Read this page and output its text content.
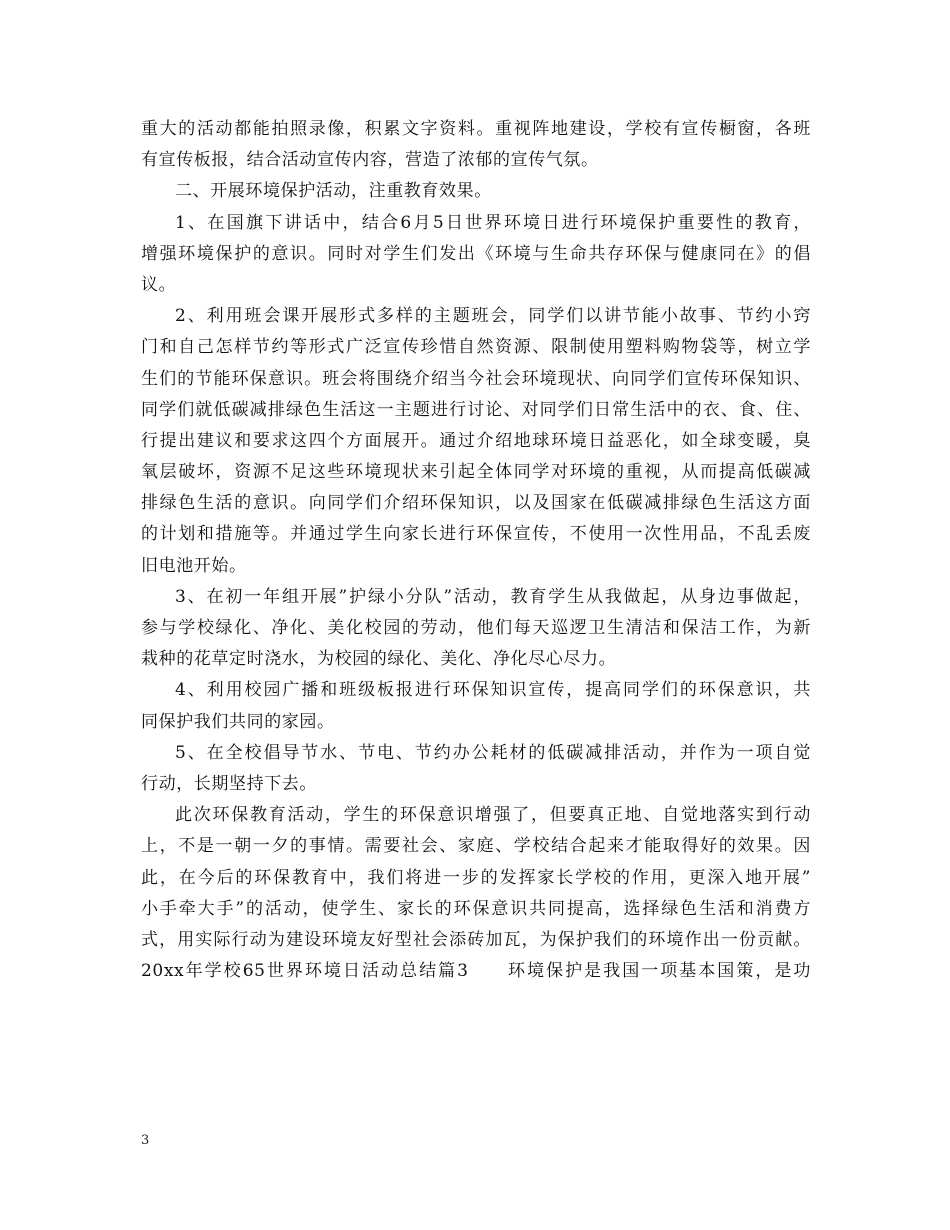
重大的活动都能拍照录像，积累文字资料。重视阵地建设，学校有宣传橱窗，各班
有宣传板报，结合活动宣传内容，营造了浓郁的宣传气氛。
二、开展环境保护活动，注重教育效果。
1、在国旗下讲话中，结合6月5日世界环境日进行环境保护重要性的教育，
增强环境保护的意识。同时对学生们发出《环境与生命共存环保与健康同在》的倡
议。
2、利用班会课开展形式多样的主题班会，同学们以讲节能小故事、节约小窍
门和自己怎样节约等形式广泛宣传珍惜自然资源、限制使用塑料购物袋等，树立学
生们的节能环保意识。班会将围绕介绍当今社会环境现状、向同学们宣传环保知识、
同学们就低碳减排绿色生活这一主题进行讨论、对同学们日常生活中的衣、食、住、
行提出建议和要求这四个方面展开。通过介绍地球环境日益恶化，如全球变暖，臭
氧层破坏，资源不足这些环境现状来引起全体同学对环境的重视，从而提高低碳减
排绿色生活的意识。向同学们介绍环保知识，以及国家在低碳减排绿色生活这方面
的计划和措施等。并通过学生向家长进行环保宣传，不使用一次性用品，不乱丢废
旧电池开始。
3、在初一年组开展”护绿小分队”活动，教育学生从我做起，从身边事做起，
参与学校绿化、净化、美化校园的劳动，他们每天巡逻卫生清洁和保洁工作，为新
栽种的花草定时浇水，为校园的绿化、美化、净化尽心尽力。
4、利用校园广播和班级板报进行环保知识宣传，提高同学们的环保意识，共
同保护我们共同的家园。
5、在全校倡导节水、节电、节约办公耗材的低碳减排活动，并作为一项自觉
行动，长期坚持下去。
此次环保教育活动，学生的环保意识增强了，但要真正地、自觉地落实到行动
上，不是一朝一夕的事情。需要社会、家庭、学校结合起来才能取得好的效果。因
此，在今后的环保教育中，我们将进一步的发挥家长学校的作用，更深入地开展”
小手牵大手”的活动，使学生、家长的环保意识共同提高，选择绿色生活和消费方
式，用实际行动为建设环境友好型社会添砖加瓦，为保护我们的环境作出一份贡献。
20xx年学校65世界环境日活动总结篇3　　环境保护是我国一项基本国策，是功
3
